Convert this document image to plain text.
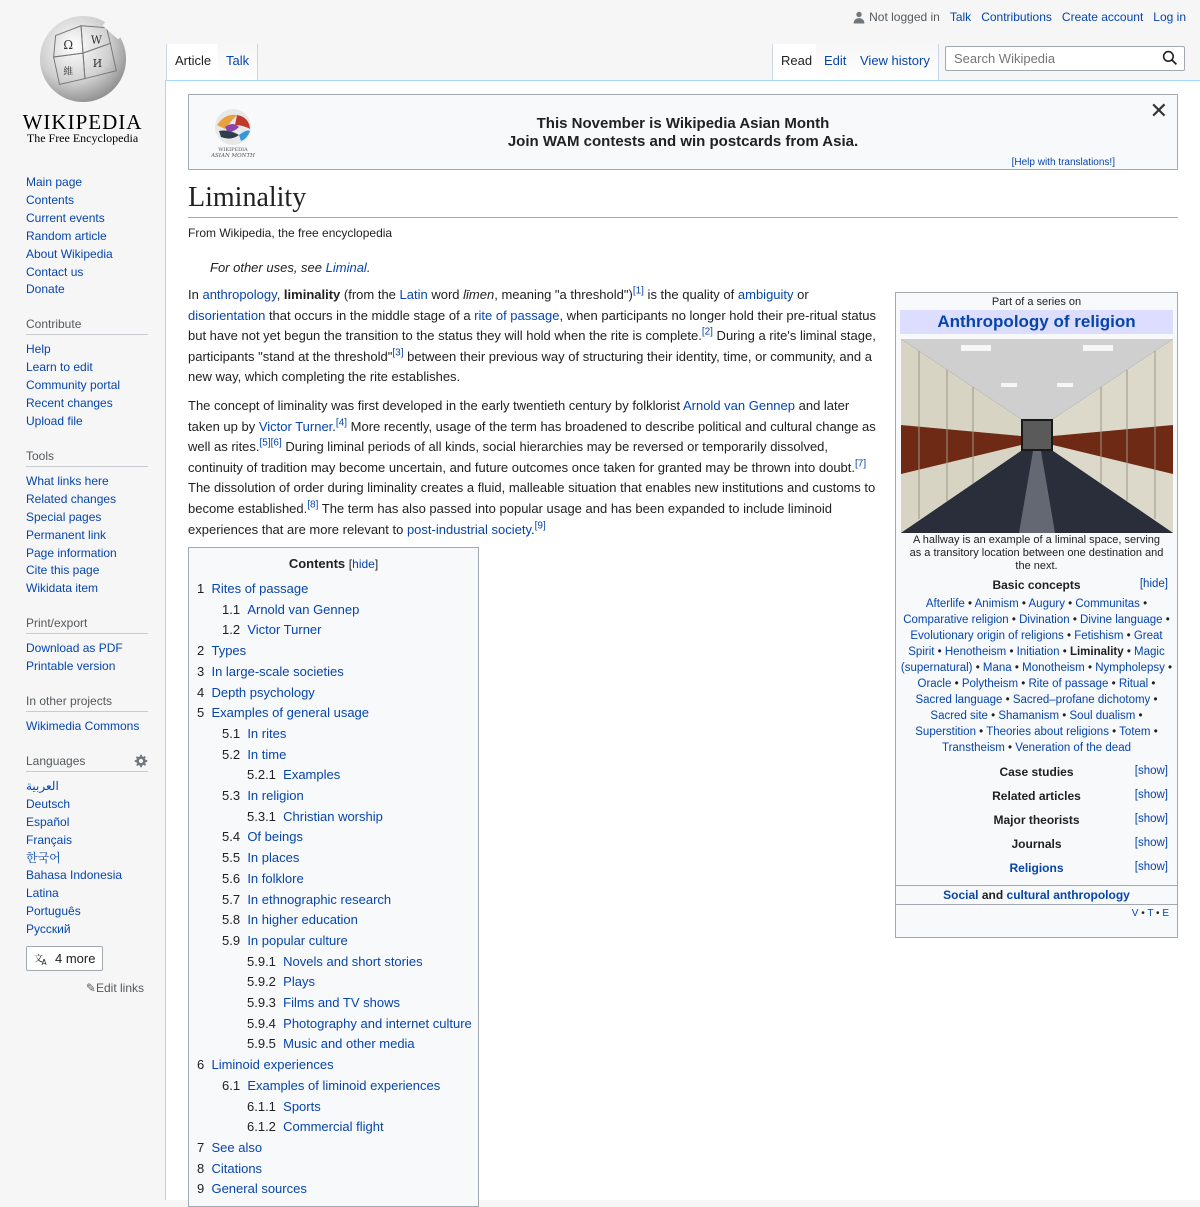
Ω W
И
維
WIKIPEDIA
The Free Encyclopedia
Main page
Contents
Current events
Random article
About Wikipedia
Contact us
Donate
Contribute
Help
Learn to edit
Community portal
Recent changes
Upload file
Tools
What links here
Related changes
Special pages
Permanent link
Page information
Cite this page
Wikidata item
Print/export
Download as PDF
Printable version
In other projects
Wikimedia Commons
Languages
العربية
Deutsch
Español
Français
한국어
Bahasa Indonesia
Latina
Português
Русский
文
A 4 more
✎Edit links
Not logged in Talk Contributions Create account Log in
Article	Talk	Read Edit	View history
Search Wikipedia
WIKIPEDIA
ASIAN MONTH
This November is Wikipedia Asian Month
Join WAM contests and win postcards from Asia.
✕
[Help with translations!]
Liminality
From Wikipedia, the free encyclopedia
For other uses, see Liminal.

In anthropology, liminality (from the Latin word līmen, meaning "a threshold")[1] is the quality of ambiguity or disorientation that occurs in the middle stage of a rite of passage, when participants no longer hold their pre-ritual status but have not yet begun the transition to the status they will hold when the rite is complete.[2] During a rite's liminal stage, participants "stand at the threshold"[3] between their previous way of structuring their identity, time, or community, and a new way, which completing the rite establishes.

The concept of liminality was first developed in the early twentieth century by folklorist Arnold van Gennep and later taken up by Victor Turner.[4] More recently, usage of the term has broadened to describe political and cultural change as well as rites.[5][6] During liminal periods of all kinds, social hierarchies may be reversed or temporarily dissolved, continuity of tradition may become uncertain, and future outcomes once taken for granted may be thrown into doubt.[7] The dissolution of order during liminality creates a fluid, malleable situation that enables new institutions and customs to become established.[8] The term has also passed into popular usage and has been expanded to include liminoid experiences that are more relevant to post-industrial society.[9]

Contents [hide]
1 Rites of passage
1.1 Arnold van Gennep
1.2 Victor Turner
2 Types
3 In large-scale societies
4 Depth psychology
5 Examples of general usage
5.1 In rites
5.2 In time
5.2.1 Examples
5.3 In religion
5.3.1 Christian worship
5.4 Of beings
5.5 In places
5.6 In folklore
5.7 In ethnographic research
5.8 In higher education
5.9 In popular culture
5.9.1 Novels and short stories
5.9.2 Plays
5.9.3 Films and TV shows
5.9.4 Photography and internet culture
5.9.5 Music and other media
6 Liminoid experiences
6.1 Examples of liminoid experiences
6.1.1 Sports
6.1.2 Commercial flight
7 See also
8 Citations
9 General sources
Part of a series on
Anthropology of religion
A hallway is an example of a liminal space, serving as a transitory location between one destination and the next.
Basic concepts	[hide]
Afterlife • Animism • Augury • Communitas • Comparative religion • Divination • Divine language • Evolutionary origin of religions • Fetishism • Great Spirit • Henotheism • Initiation • Liminality • Magic (supernatural) • Mana • Monotheism • Nympholepsy • Oracle • Polytheism • Rite of passage • Ritual • Sacred language • Sacred–profane dichotomy • Sacred site • Shamanism • Soul dualism • Superstition • Theories about religions • Totem • Transtheism • Veneration of the dead
Case studies	[show]
Related articles	[show]
Major theorists	[show]
Journals	[show]
Religions	[show]
Social and cultural anthropology
V • T • E
